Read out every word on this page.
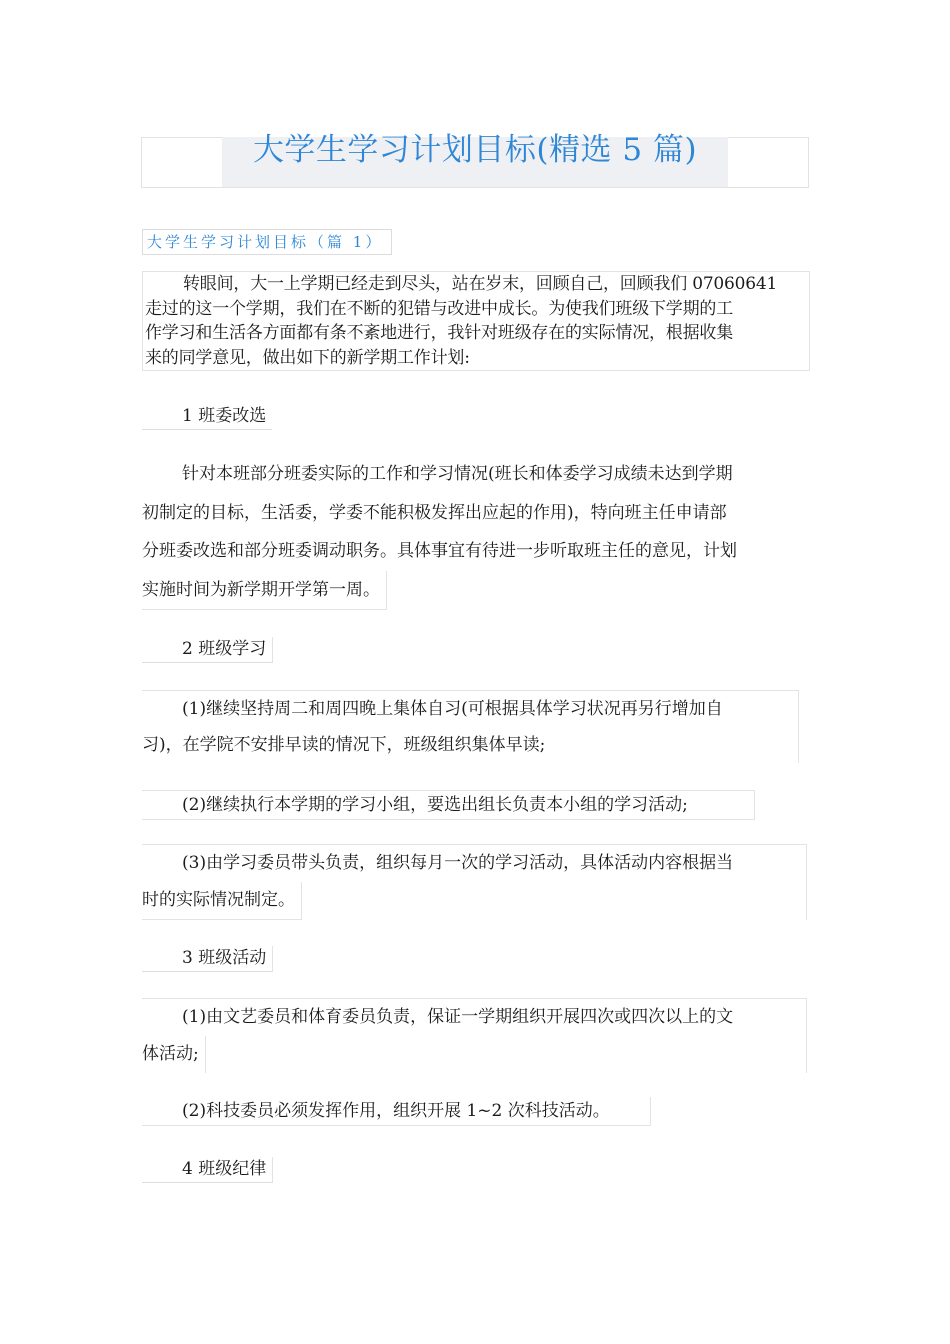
大学生学习计划目标(精选 5 篇)
大学生学习计划目标（篇 1）
转眼间，大一上学期已经走到尽头，站在岁末，回顾自己，回顾我们 07060641
走过的这一个学期，我们在不断的犯错与改进中成长。为使我们班级下学期的工
作学习和生活各方面都有条不紊地进行，我针对班级存在的实际情况，根据收集
来的同学意见，做出如下的新学期工作计划:
1 班委改选
针对本班部分班委实际的工作和学习情况(班长和体委学习成绩未达到学期
初制定的目标，生活委，学委不能积极发挥出应起的作用)，特向班主任申请部
分班委改选和部分班委调动职务。具体事宜有待进一步听取班主任的意见，计划
实施时间为新学期开学第一周。
2 班级学习
(1)继续坚持周二和周四晚上集体自习(可根据具体学习状况再另行增加自
习)，在学院不安排早读的情况下，班级组织集体早读;
(2)继续执行本学期的学习小组，要选出组长负责本小组的学习活动;
(3)由学习委员带头负责，组织每月一次的学习活动，具体活动内容根据当
时的实际情况制定。
3 班级活动
(1)由文艺委员和体育委员负责，保证一学期组织开展四次或四次以上的文
体活动;
(2)科技委员必须发挥作用，组织开展 1~2 次科技活动。
4 班级纪律
